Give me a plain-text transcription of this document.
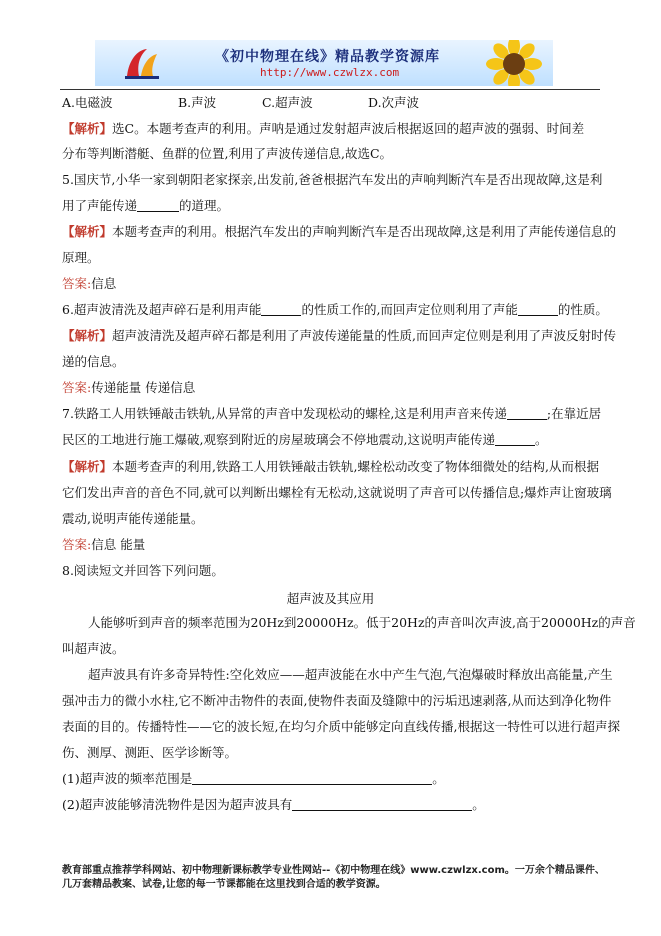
《初中物理在线》精品教学资源库
http://www.czwlzx.com
A.电磁波	B.声波	C.超声波	D.次声波
【解析】选C。本题考查声的利用。声呐是通过发射超声波后根据返回的超声波的强弱、时间差
分布等判断潜艇、鱼群的位置,利用了声波传递信息,故选C。
5.国庆节,小华一家到朝阳老家探亲,出发前,爸爸根据汽车发出的声响判断汽车是否出现故障,这是利
用了声能传递	的道理。
【解析】本题考查声的利用。根据汽车发出的声响判断汽车是否出现故障,这是利用了声能传递信息的
原理。
答案:信息
6.超声波清洗及超声碎石是利用声能	的性质工作的,而回声定位则利用了声能	的性质。
【解析】超声波清洗及超声碎石都是利用了声波传递能量的性质,而回声定位则是利用了声波反射时传
递的信息。
答案:传递能量 传递信息
7.铁路工人用铁锤敲击铁轨,从异常的声音中发现松动的螺栓,这是利用声音来传递	;在靠近居
民区的工地进行施工爆破,观察到附近的房屋玻璃会不停地震动,这说明声能传递	。
【解析】本题考查声的利用,铁路工人用铁锤敲击铁轨,螺栓松动改变了物体细微处的结构,从而根据
它们发出声音的音色不同,就可以判断出螺栓有无松动,这就说明了声音可以传播信息;爆炸声让窗玻璃
震动,说明声能传递能量。
答案:信息 能量
8.阅读短文并回答下列问题。
超声波及其应用
人能够听到声音的频率范围为20Hz到20000Hz。低于20Hz的声音叫次声波,高于20000Hz的声音
叫超声波。
超声波具有许多奇异特性:空化效应——超声波能在水中产生气泡,气泡爆破时释放出高能量,产生
强冲击力的微小水柱,它不断冲击物件的表面,使物件表面及缝隙中的污垢迅速剥落,从而达到净化物件
表面的目的。传播特性——它的波长短,在均匀介质中能够定向直线传播,根据这一特性可以进行超声探
伤、测厚、测距、医学诊断等。
(1)超声波的频率范围是	。
(2)超声波能够清洗物件是因为超声波具有	。
教育部重点推荐学科网站、初中物理新课标教学专业性网站--《初中物理在线》www.czwlzx.com。一万余个精品课件、
几万套精品教案、试卷,让您的每一节课都能在这里找到合适的教学资源。
